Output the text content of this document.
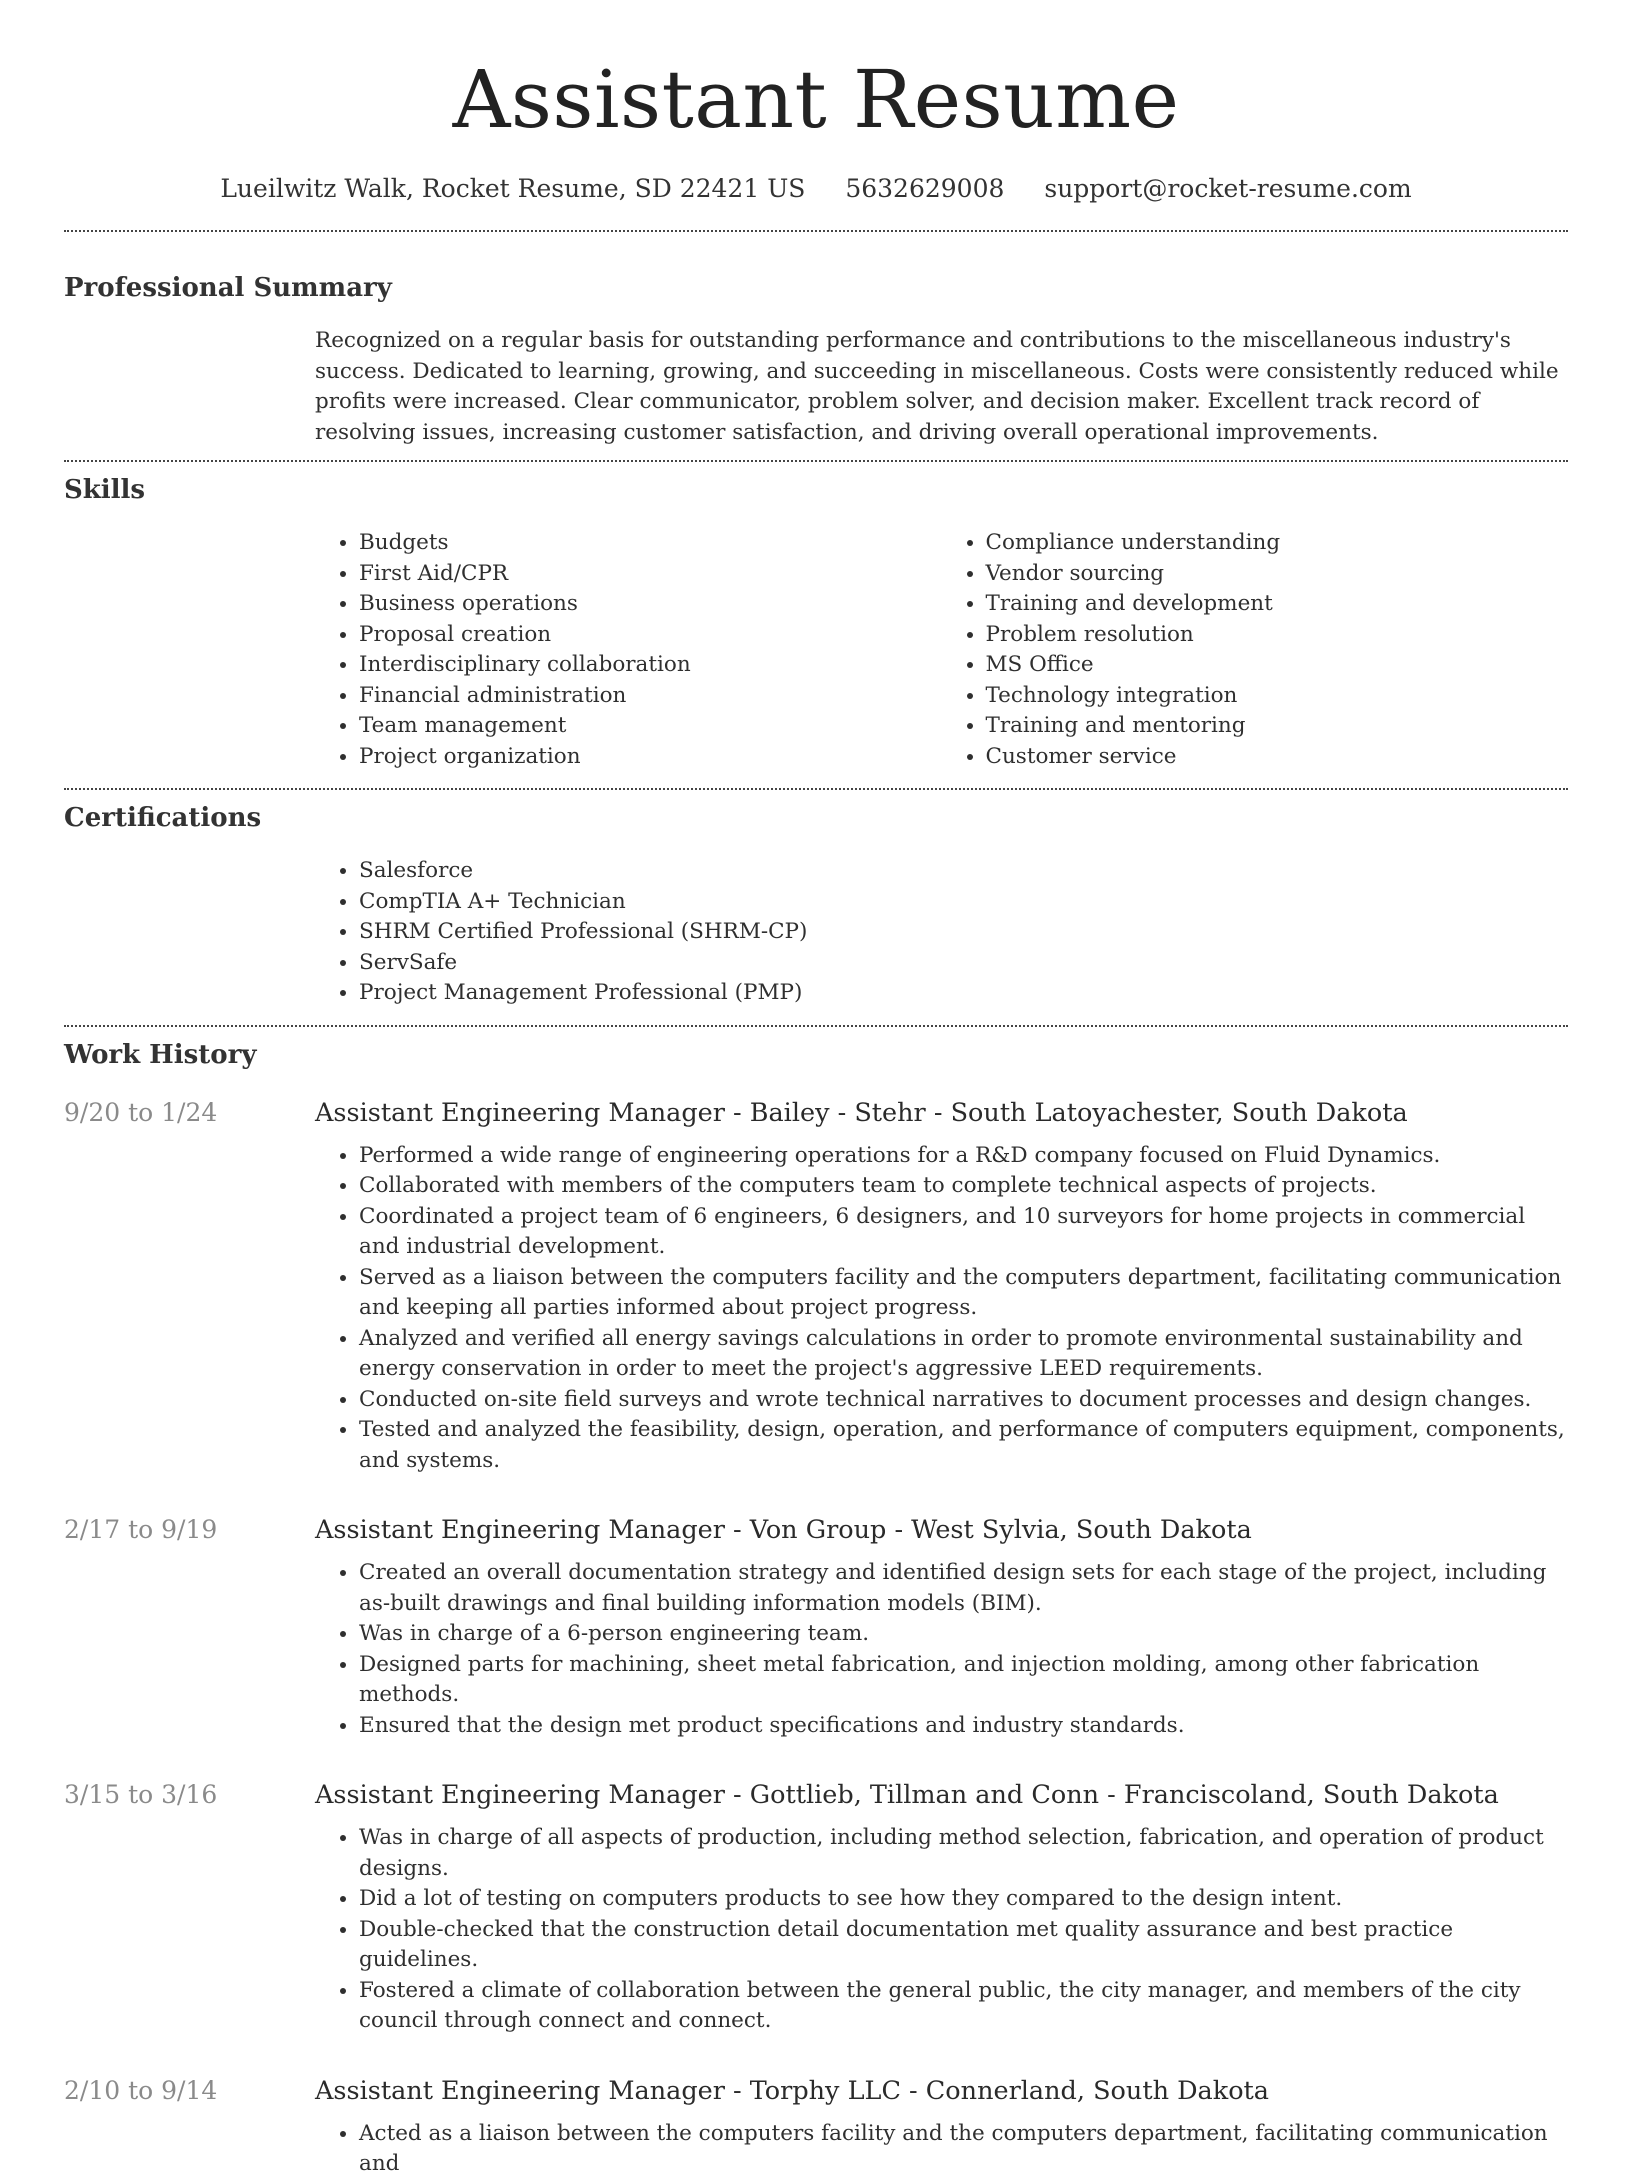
Assistant Resume
Lueilwitz Walk, Rocket Resume, SD 22421 US 5632629008 support@rocket-resume.com
Professional Summary
Recognized on a regular basis for outstanding performance and contributions to the miscellaneous industry's success. Dedicated to learning, growing, and succeeding in miscellaneous. Costs were consistently reduced while profits were increased. Clear communicator, problem solver, and decision maker. Excellent track record of resolving issues, increasing customer satisfaction, and driving overall operational improvements.
Skills
• Budgets
• First Aid/CPR
• Business operations
• Proposal creation
• Interdisciplinary collaboration
• Financial administration
• Team management
• Project organization
• Compliance understanding
• Vendor sourcing
• Training and development
• Problem resolution
• MS Office
• Technology integration
• Training and mentoring
• Customer service
Certifications
• Salesforce
• CompTIA A+ Technician
• SHRM Certified Professional (SHRM-CP)
• ServSafe
• Project Management Professional (PMP)
Work History
9/20 to 1/24	Assistant Engineering Manager - Bailey - Stehr - South Latoyachester, South Dakota
• Performed a wide range of engineering operations for a R&D company focused on Fluid Dynamics.
• Collaborated with members of the computers team to complete technical aspects of projects.
• Coordinated a project team of 6 engineers, 6 designers, and 10 surveyors for home projects in commercial and industrial development.
• Served as a liaison between the computers facility and the computers department, facilitating communication and keeping all parties informed about project progress.
• Analyzed and verified all energy savings calculations in order to promote environmental sustainability and energy conservation in order to meet the project's aggressive LEED requirements.
• Conducted on-site field surveys and wrote technical narratives to document processes and design changes.
• Tested and analyzed the feasibility, design, operation, and performance of computers equipment, components, and systems.
2/17 to 9/19	Assistant Engineering Manager - Von Group - West Sylvia, South Dakota
• Created an overall documentation strategy and identified design sets for each stage of the project, including as-built drawings and final building information models (BIM).
• Was in charge of a 6-person engineering team.
• Designed parts for machining, sheet metal fabrication, and injection molding, among other fabrication methods.
• Ensured that the design met product specifications and industry standards.
3/15 to 3/16	Assistant Engineering Manager - Gottlieb, Tillman and Conn - Franciscoland, South Dakota
• Was in charge of all aspects of production, including method selection, fabrication, and operation of product designs.
• Did a lot of testing on computers products to see how they compared to the design intent.
• Double-checked that the construction detail documentation met quality assurance and best practice guidelines.
• Fostered a climate of collaboration between the general public, the city manager, and members of the city council through connect and connect.
2/10 to 9/14	Assistant Engineering Manager - Torphy LLC - Connerland, South Dakota
• Acted as a liaison between the computers facility and the computers department, facilitating communication and
